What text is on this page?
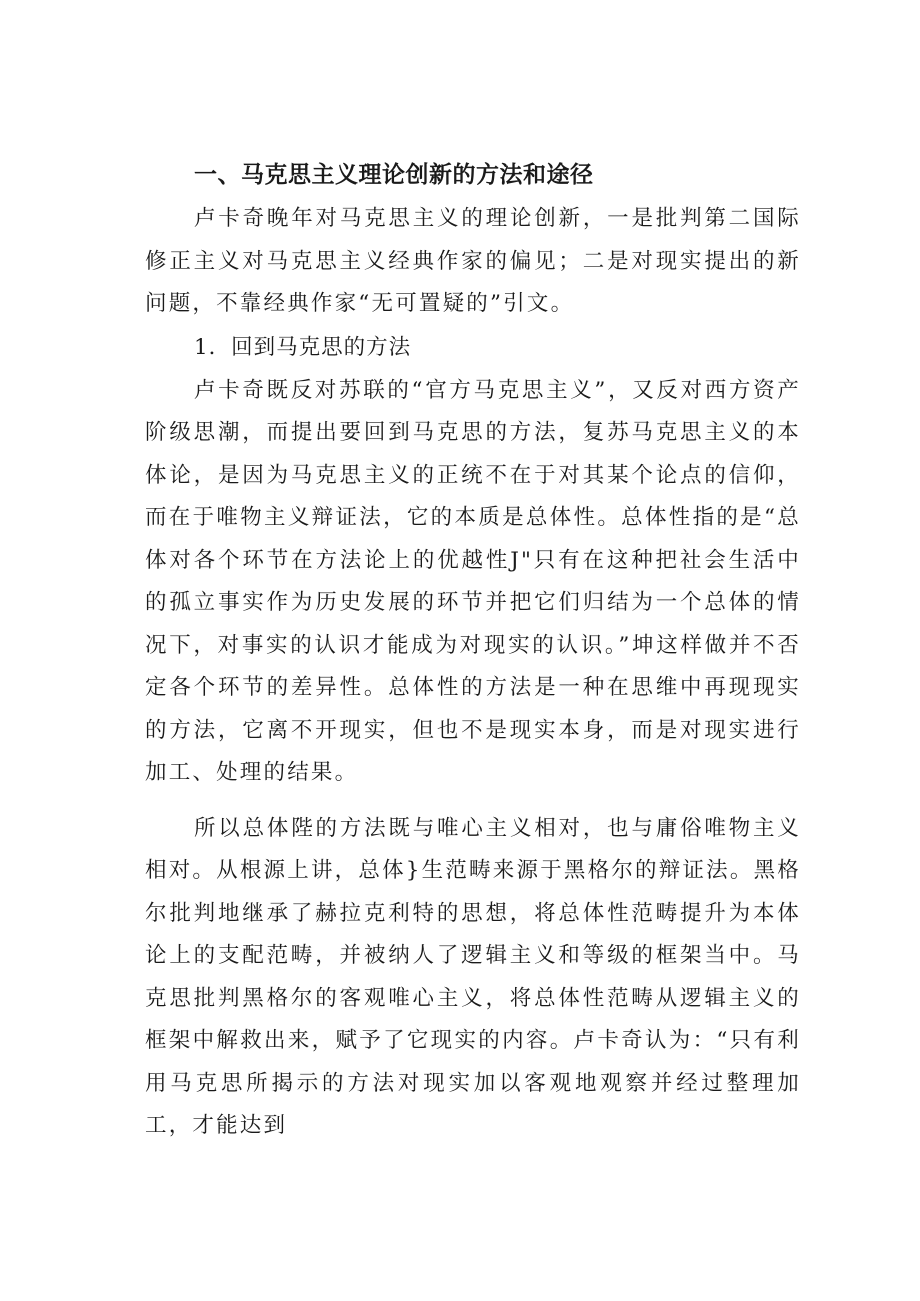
一、马克思主义理论创新的方法和途径

卢卡奇晚年对马克思主义的理论创新，一是批判第二国际修正主义对马克思主义经典作家的偏见；二是对现实提出的新问题，不靠经典作家“无可置疑的”引文。

1．回到马克思的方法

卢卡奇既反对苏联的“官方马克思主义”，又反对西方资产阶级思潮，而提出要回到马克思的方法，复苏马克思主义的本体论，是因为马克思主义的正统不在于对其某个论点的信仰，而在于唯物主义辩证法，它的本质是总体性。总体性指的是“总体对各个环节在方法论上的优越性J"只有在这种把社会生活中的孤立事实作为历史发展的环节并把它们归结为一个总体的情况下，对事实的认识才能成为对现实的认识。”坤这样做并不否定各个环节的差异性。总体性的方法是一种在思维中再现现实的方法，它离不开现实，但也不是现实本身，而是对现实进行加工、处理的结果。

所以总体陛的方法既与唯心主义相对，也与庸俗唯物主义相对。从根源上讲，总体}生范畴来源于黑格尔的辩证法。黑格尔批判地继承了赫拉克利特的思想，将总体性范畴提升为本体论上的支配范畴，并被纳人了逻辑主义和等级的框架当中。马克思批判黑格尔的客观唯心主义，将总体性范畴从逻辑主义的框架中解救出来，赋予了它现实的内容。卢卡奇认为：“只有利用马克思所揭示的方法对现实加以客观地观察并经过整理加工，才能达到
